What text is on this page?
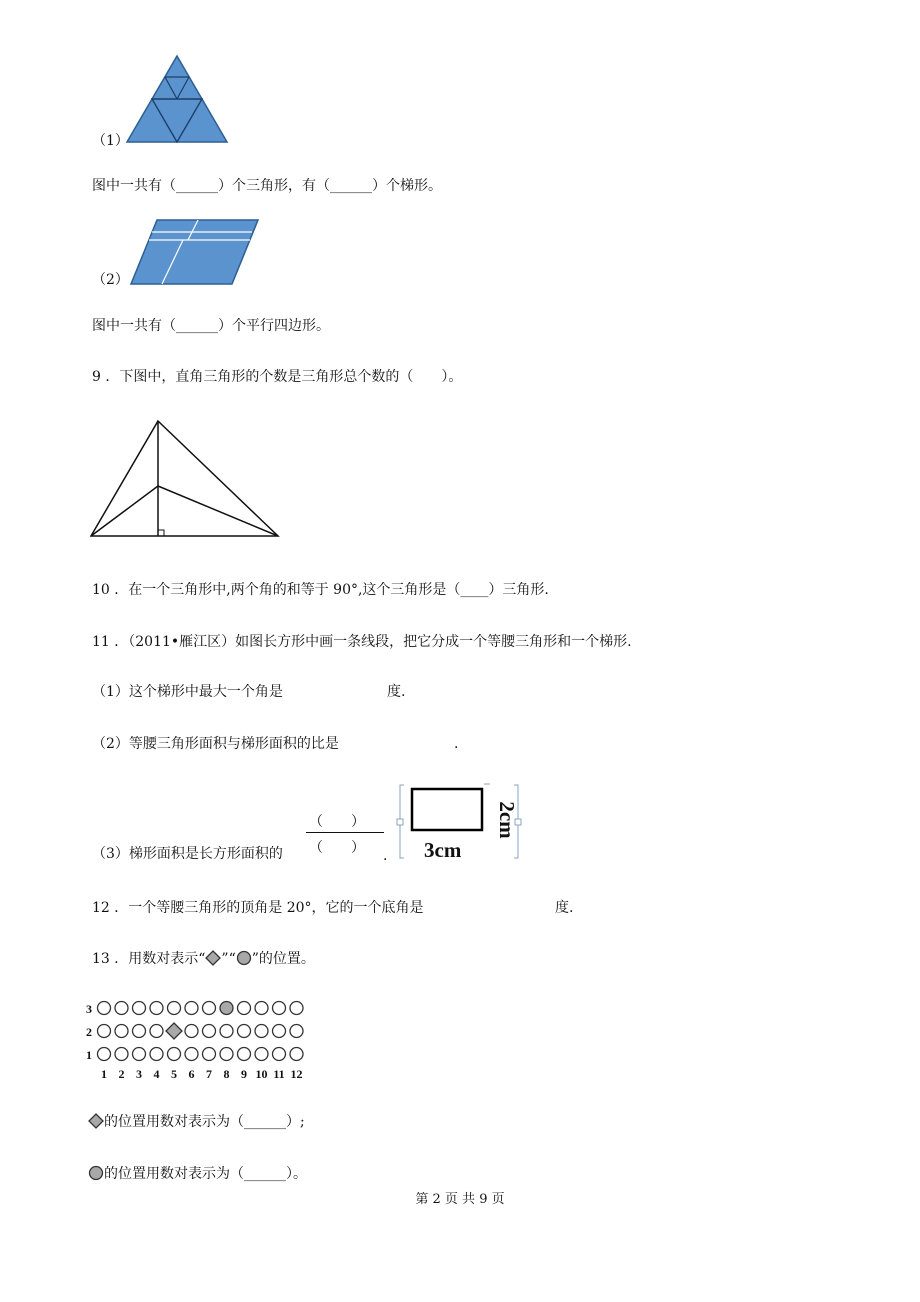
（1）
图中一共有（______）个三角形，有（______）个梯形。
（2）
图中一共有（______）个平行四边形。
9 ．下图中，直角三角形的个数是三角形总个数的（　　）。
10 ．在一个三角形中,两个角的和等于 90°,这个三角形是（____）三角形.
11 ．（2011•雁江区）如图长方形中画一条线段，把它分成一个等腰三角形和一个梯形.
（1）这个梯形中最大一个角是	度.
（2）等腰三角形面积与梯形面积的比是	.
（3）梯形面积是长方形面积的
（　　）
（　　） . 3cm
2cm
12 ．一个等腰三角形的顶角是 20°，它的一个底角是	度.
13 ．用数对表示“ ”“ ”的位置。
3
2
1
1 2 3 4 5 6 7 8 9 10 11 12
的位置用数对表示为（______）;
的位置用数对表示为（______）。
第 2 页 共 9 页
